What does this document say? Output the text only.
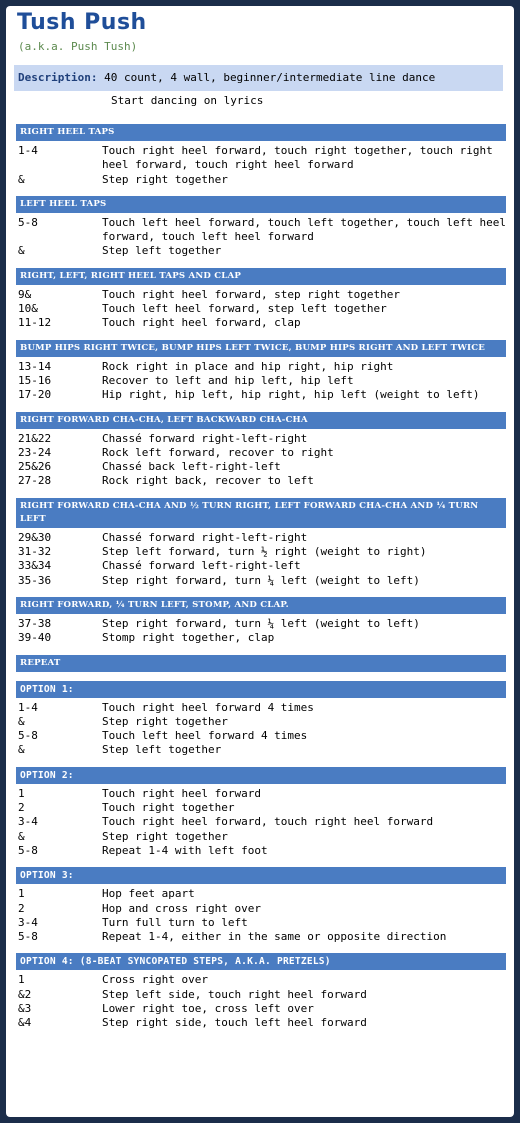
Tush Push
(a.k.a. Push Tush)
Description: 40 count, 4 wall, beginner/intermediate line dance
Start dancing on lyrics
RIGHT HEEL TAPS
1-4	Touch right heel forward, touch right together, touch right heel forward, touch right heel forward
&	Step right together
LEFT HEEL TAPS
5-8	Touch left heel forward, touch left together, touch left heel forward, touch left heel forward
&	Step left together
RIGHT, LEFT, RIGHT HEEL TAPS AND CLAP
9&	Touch right heel forward, step right together
10&	Touch left heel forward, step left together
11-12	Touch right heel forward, clap
BUMP HIPS RIGHT TWICE, BUMP HIPS LEFT TWICE, BUMP HIPS RIGHT AND LEFT TWICE
13-14	Rock right in place and hip right, hip right
15-16	Recover to left and hip left, hip left
17-20	Hip right, hip left, hip right, hip left (weight to left)
RIGHT FORWARD CHA-CHA, LEFT BACKWARD CHA-CHA
21&22	Chassé forward right-left-right
23-24	Rock left forward, recover to right
25&26	Chassé back left-right-left
27-28	Rock right back, recover to left
RIGHT FORWARD CHA-CHA AND ½ TURN RIGHT, LEFT FORWARD CHA-CHA AND ¼ TURN LEFT
29&30	Chassé forward right-left-right
31-32	Step left forward, turn ½ right (weight to right)
33&34	Chassé forward left-right-left
35-36	Step right forward, turn ¼ left (weight to left)
RIGHT FORWARD, ¼ TURN LEFT, STOMP, AND CLAP.
37-38	Step right forward, turn ¼ left (weight to left)
39-40	Stomp right together, clap
REPEAT
OPTION 1:
1-4	Touch right heel forward 4 times
&	Step right together
5-8	Touch left heel forward 4 times
&	Step left together
OPTION 2:
1	Touch right heel forward
2	Touch right together
3-4	Touch right heel forward, touch right heel forward
&	Step right together
5-8	Repeat 1-4 with left foot
OPTION 3:
1	Hop feet apart
2	Hop and cross right over
3-4	Turn full turn to left
5-8	Repeat 1-4, either in the same or opposite direction
OPTION 4: (8-BEAT SYNCOPATED STEPS, A.K.A. PRETZELS)
1	Cross right over
&2	Step left side, touch right heel forward
&3	Lower right toe, cross left over
&4	Step right side, touch left heel forward
